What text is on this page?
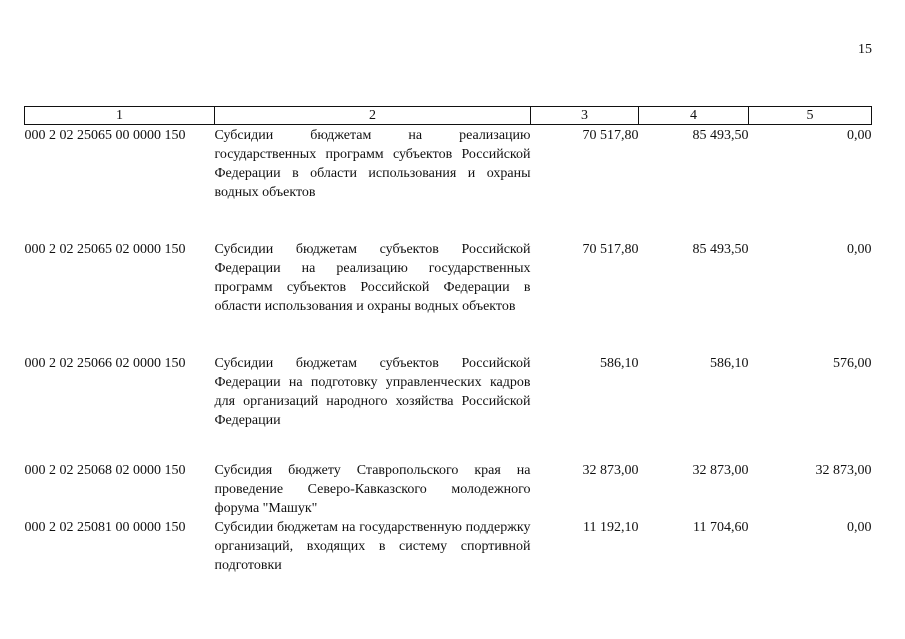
15
1	2	3	4	5
000 2 02 25065 00 0000 150	Субсидии бюджетам на реализацию государственных программ субъектов Российской Федерации в области использования и охраны водных объектов	70 517,80	85 493,50	0,00
000 2 02 25065 02 0000 150	Субсидии бюджетам субъектов Российской Федерации на реализацию государственных программ субъектов Российской Федерации в области использования и охраны водных объектов	70 517,80	85 493,50	0,00
000 2 02 25066 02 0000 150	Субсидии бюджетам субъектов Российской Федерации на подготовку управленческих кадров для организаций народного хозяйства Российской Федерации	586,10	586,10	576,00
000 2 02 25068 02 0000 150	Субсидия бюджету Ставропольского края на проведение Северо-Кавказского молодежного форума "Машук"	32 873,00	32 873,00	32 873,00
000 2 02 25081 00 0000 150	Субсидии бюджетам на государственную поддержку организаций, входящих в систему спортивной подготовки	11 192,10	11 704,60	0,00
